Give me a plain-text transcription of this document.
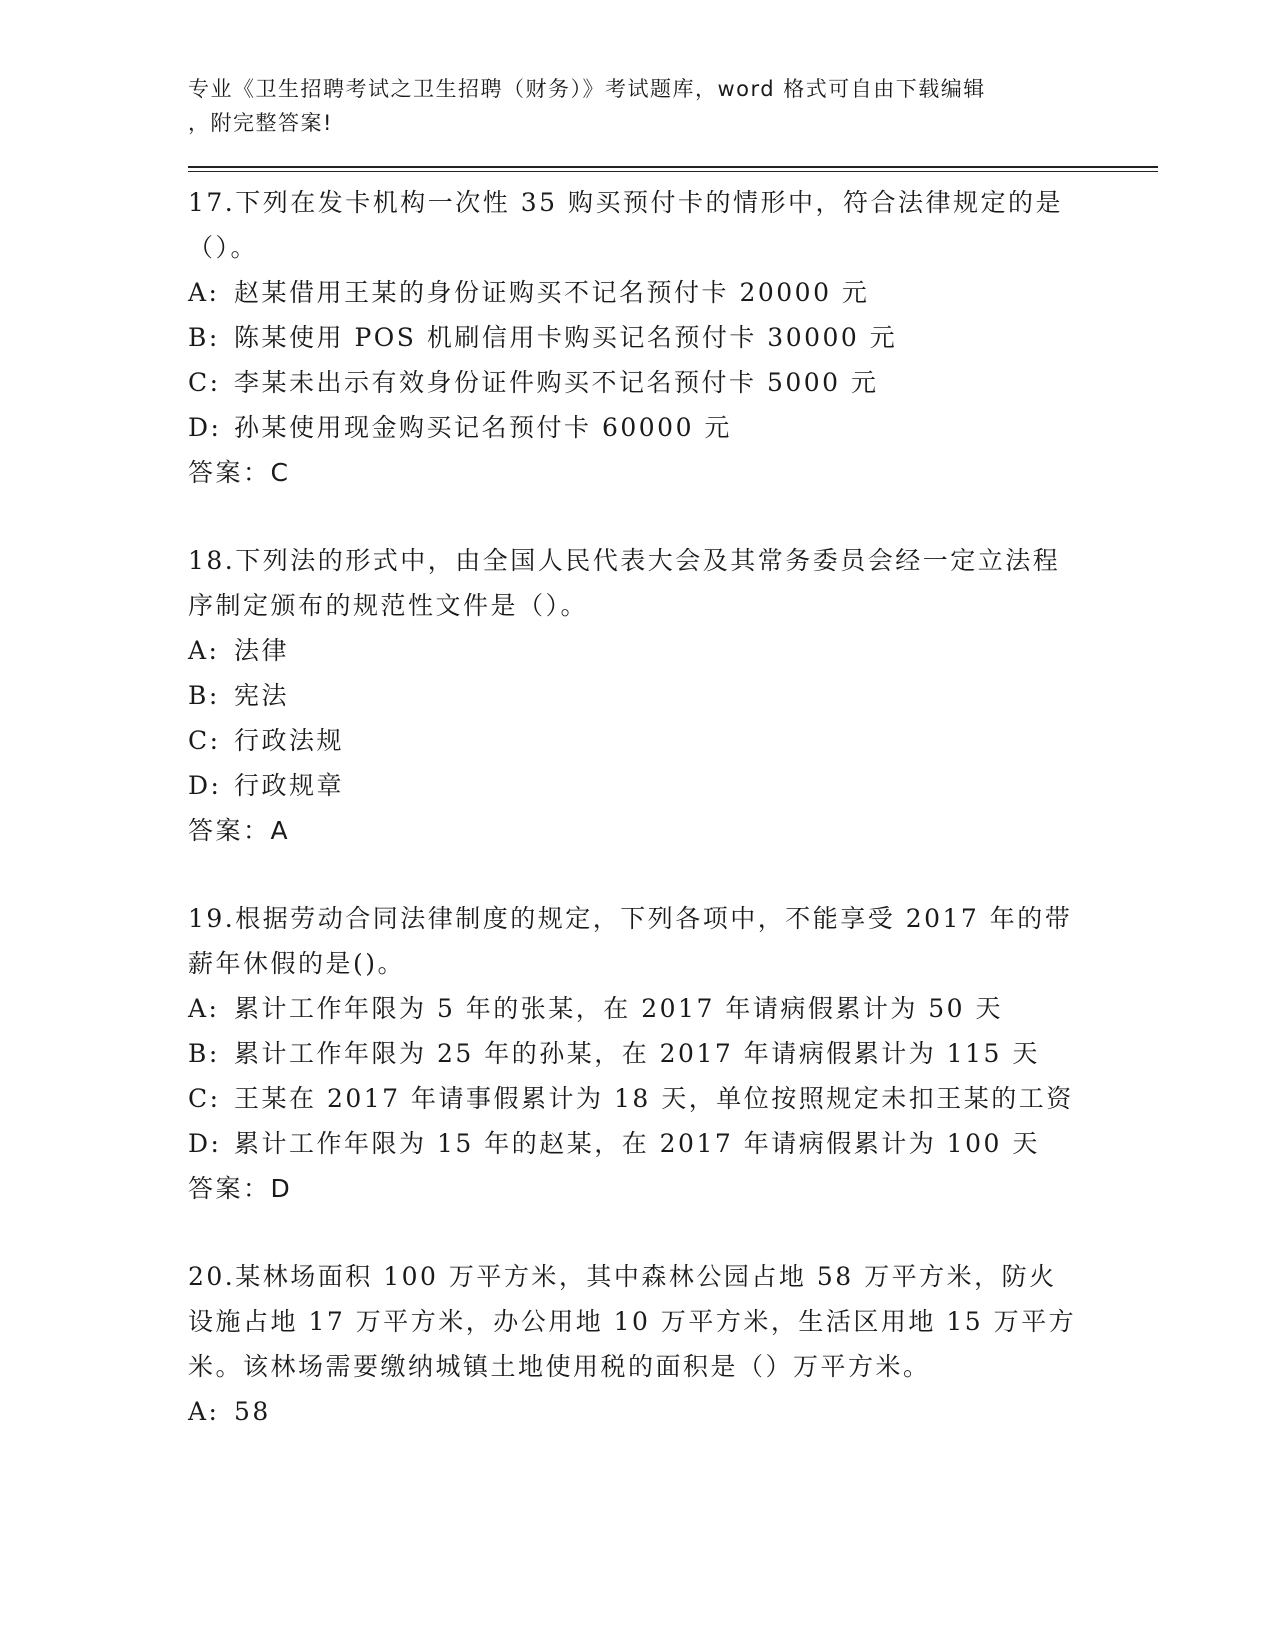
专业《卫生招聘考试之卫生招聘（财务）》考试题库，word 格式可自由下载编辑
，附完整答案!
17.下列在发卡机构一次性 35 购买预付卡的情形中，符合法律规定的是（）。
A: 赵某借用王某的身份证购买不记名预付卡 20000 元
B: 陈某使用 POS 机刷信用卡购买记名预付卡 30000 元
C: 李某未出示有效身份证件购买不记名预付卡 5000 元
D: 孙某使用现金购买记名预付卡 60000 元
答案：C
18.下列法的形式中，由全国人民代表大会及其常务委员会经一定立法程序制定颁布的规范性文件是（）。
A: 法律
B: 宪法
C: 行政法规
D: 行政规章
答案：A
19.根据劳动合同法律制度的规定，下列各项中，不能享受 2017 年的带薪年休假的是()。
A: 累计工作年限为 5 年的张某，在 2017 年请病假累计为 50 天
B: 累计工作年限为 25 年的孙某，在 2017 年请病假累计为 115 天
C: 王某在 2017 年请事假累计为 18 天，单位按照规定未扣王某的工资
D: 累计工作年限为 15 年的赵某，在 2017 年请病假累计为 100 天
答案：D
20.某林场面积 100 万平方米，其中森林公园占地 58 万平方米，防火设施占地 17 万平方米，办公用地 10 万平方米，生活区用地 15 万平方米。该林场需要缴纳城镇土地使用税的面积是（）万平方米。
A: 58
